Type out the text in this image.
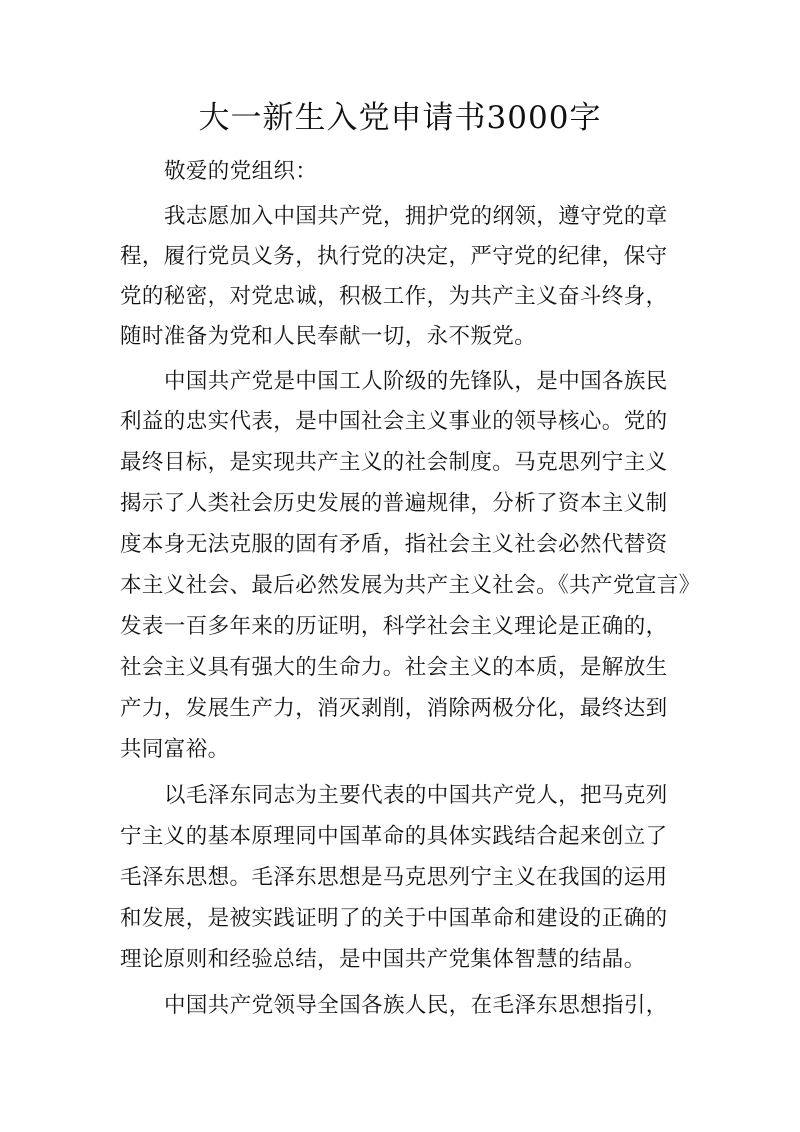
大一新生入党申请书3000字

敬爱的党组织：

我志愿加入中国共产党，拥护党的纲领，遵守党的章

程，履行党员义务，执行党的决定，严守党的纪律，保守

党的秘密，对党忠诚，积极工作，为共产主义奋斗终身，

随时准备为党和人民奉献一切，永不叛党。

中国共产党是中国工人阶级的先锋队，是中国各族民

利益的忠实代表，是中国社会主义事业的领导核心。党的

最终目标，是实现共产主义的社会制度。马克思列宁主义

揭示了人类社会历史发展的普遍规律，分析了资本主义制

度本身无法克服的固有矛盾，指社会主义社会必然代替资

本主义社会、最后必然发展为共产主义社会。《共产党宣言》

发表一百多年来的历证明，科学社会主义理论是正确的，

社会主义具有强大的生命力。社会主义的本质，是解放生

产力，发展生产力，消灭剥削，消除两极分化，最终达到

共同富裕。

以毛泽东同志为主要代表的中国共产党人，把马克列

宁主义的基本原理同中国革命的具体实践结合起来创立了

毛泽东思想。毛泽东思想是马克思列宁主义在我国的运用

和发展，是被实践证明了的关于中国革命和建设的正确的

理论原则和经验总结，是中国共产党集体智慧的结晶。

中国共产党领导全国各族人民，在毛泽东思想指引，
